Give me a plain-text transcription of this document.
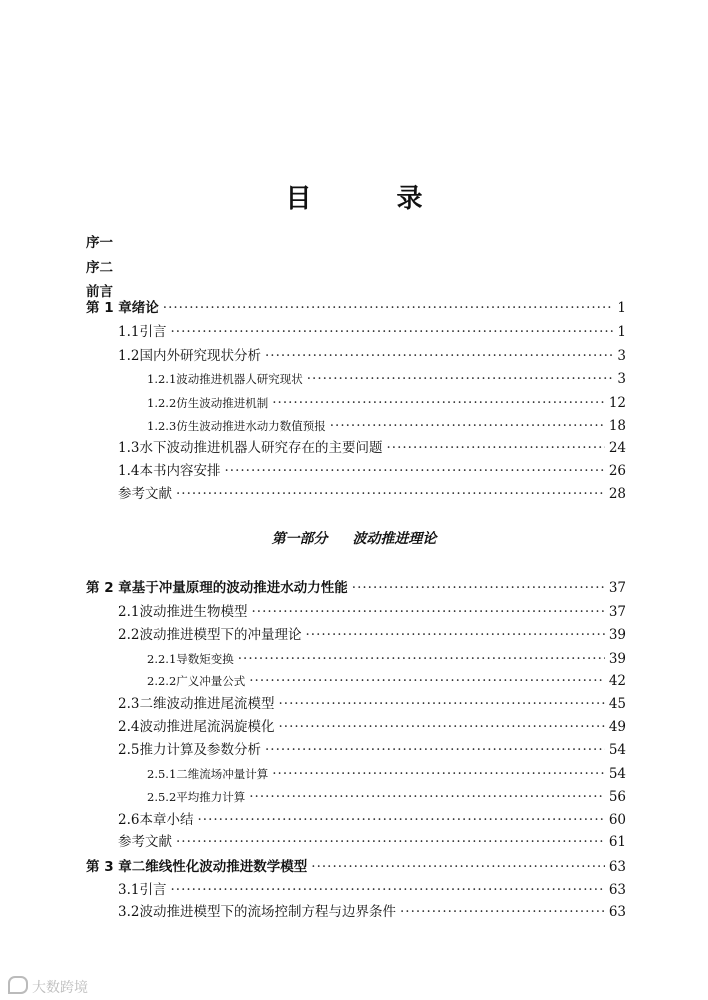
目 录
序一
序二
前言
第一部分 波动推进理论
第 1 章 绪论 ·····	1
1.1 引言 ·····	1
1.2 国内外研究现状分析 ·····	3
1.2.1 波动推进机器人研究现状 ·····	3
1.2.2 仿生波动推进机制 ·····	12
1.2.3 仿生波动推进水动力数值预报 ·····	18
1.3 水下波动推进机器人研究存在的主要问题 ·····	24
1.4 本书内容安排 ·····	26
参考文献 ·····	28
第 2 章 基于冲量原理的波动推进水动力性能 ·····	37
2.1 波动推进生物模型 ·····	37
2.2 波动推进模型下的冲量理论 ·····	39
2.2.1 导数矩变换 ·····	39
2.2.2 广义冲量公式 ·····	42
2.3 二维波动推进尾流模型 ·····	45
2.4 波动推进尾流涡旋模化 ·····	49
2.5 推力计算及参数分析 ·····	54
2.5.1 二维流场冲量计算 ·····	54
2.5.2 平均推力计算 ·····	56
2.6 本章小结 ·····	60
参考文献 ·····	61
第 3 章 二维线性化波动推进数学模型 ·····	63
3.1 引言 ·····	63
3.2 波动推进模型下的流场控制方程与边界条件 ·····	63
大数跨境
